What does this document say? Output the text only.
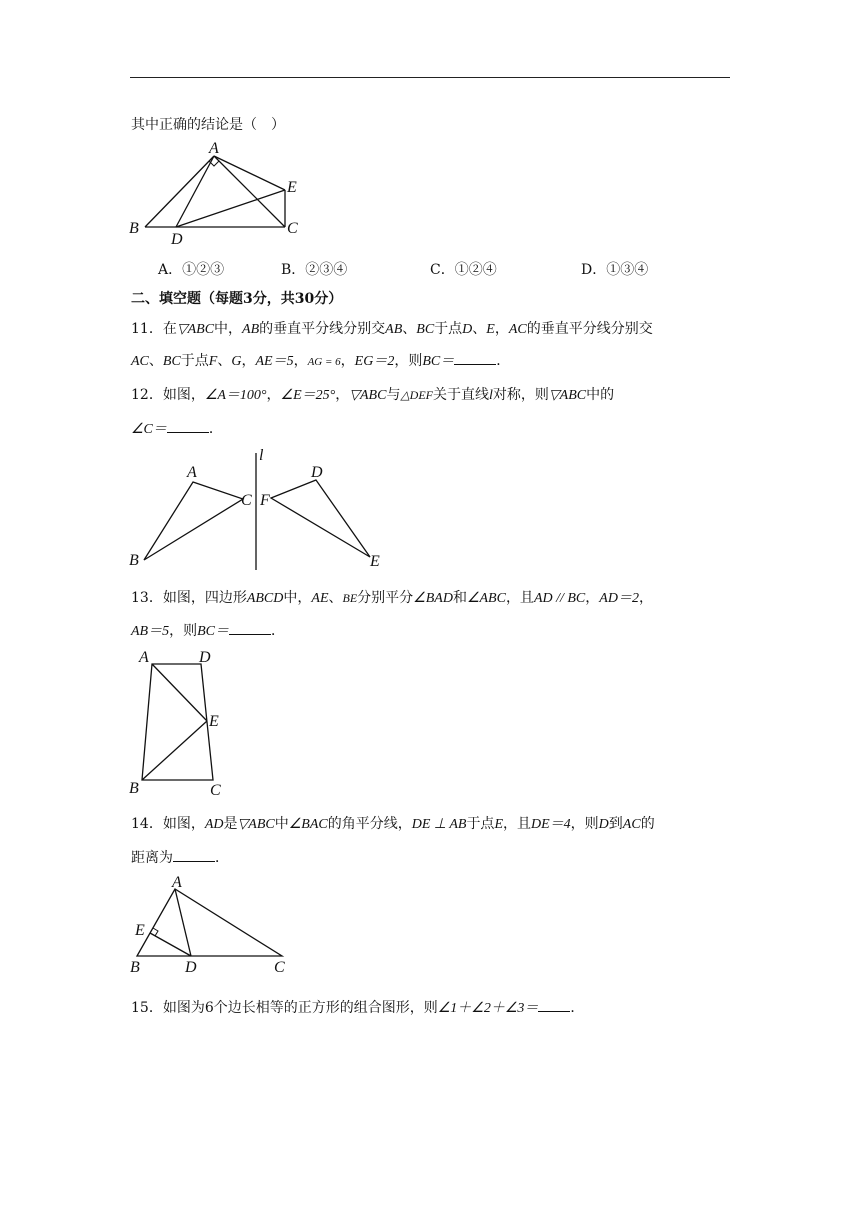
其中正确的结论是（　）
A
B	C
D
E
A．①②③	B．②③④	C．①②④	D．①③④
二、填空题（每题3分，共30分）
11．在▽ABC中，AB的垂直平分线分别交AB、BC于点D、E，AC的垂直平分线分别交
AC、BC于点F、G，AE＝5，AG = 6，EG＝2，则BC＝	．
12．如图，∠A＝100°，∠E＝25°，▽ABC与△DEF关于直线l对称，则▽ABC中的
∠C＝	．
l
A
B
C
D
E
F
13．如图，四边形ABCD中，AE、BE分别平分∠BAD和∠ABC，且AD // BC，AD＝2，
AB＝5，则BC＝	．
A	D
E
B	C
14．如图，AD是▽ABC中∠BAC的角平分线，DE ⊥ AB于点E，且DE＝4，则D到AC的
距离为	．
A
E
B	D	C
15．如图为6个边长相等的正方形的组合图形，则∠1＋∠2＋∠3＝ ．
